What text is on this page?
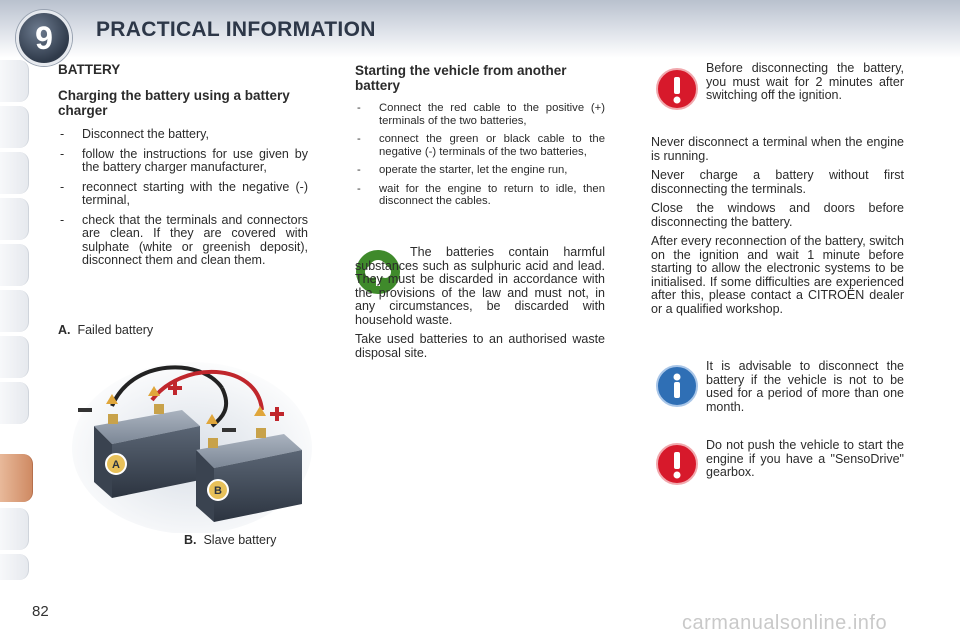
9	PRACTICAL INFORMATION
BATTERY
Charging the battery using a battery charger
- Disconnect the battery,
- follow the instructions for use given by the battery charger manufacturer,
- reconnect starting with the negative (-) terminal,
- check that the terminals and connectors are clean. If they are covered with sulphate (white or greenish deposit), disconnect them and clean them.
A. Failed battery
A
B
B. Slave battery
Starting the vehicle from another battery
- Connect the red cable to the positive (+) terminals of the two batteries,
- connect the green or black cable to the negative (-) terminals of the two batteries,
- operate the starter, let the engine run,
- wait for the engine to return to idle, then disconnect the cables.

The batteries contain harmful substances such as sulphuric acid and lead. They must be discarded in accordance with the provisions of the law and must not, in any circumstances, be discarded with household waste.

Take used batteries to an authorised waste disposal site.

Before disconnecting the battery, you must wait for 2 minutes after switching off the ignition.

Never disconnect a terminal when the engine is running.

Never charge a battery without first disconnecting the terminals.

Close the windows and doors before disconnecting the battery.

After every reconnection of the battery, switch on the ignition and wait 1 minute before starting to allow the electronic systems to be initialised. If some difficulties are experienced after this, please contact a CITROËN dealer or a qualified workshop.

It is advisable to disconnect the battery if the vehicle is not to be used for a period of more than one month.
Do not push the vehicle to start the engine if you have a "SensoDrive" gearbox.
82
carmanualsonline.info
